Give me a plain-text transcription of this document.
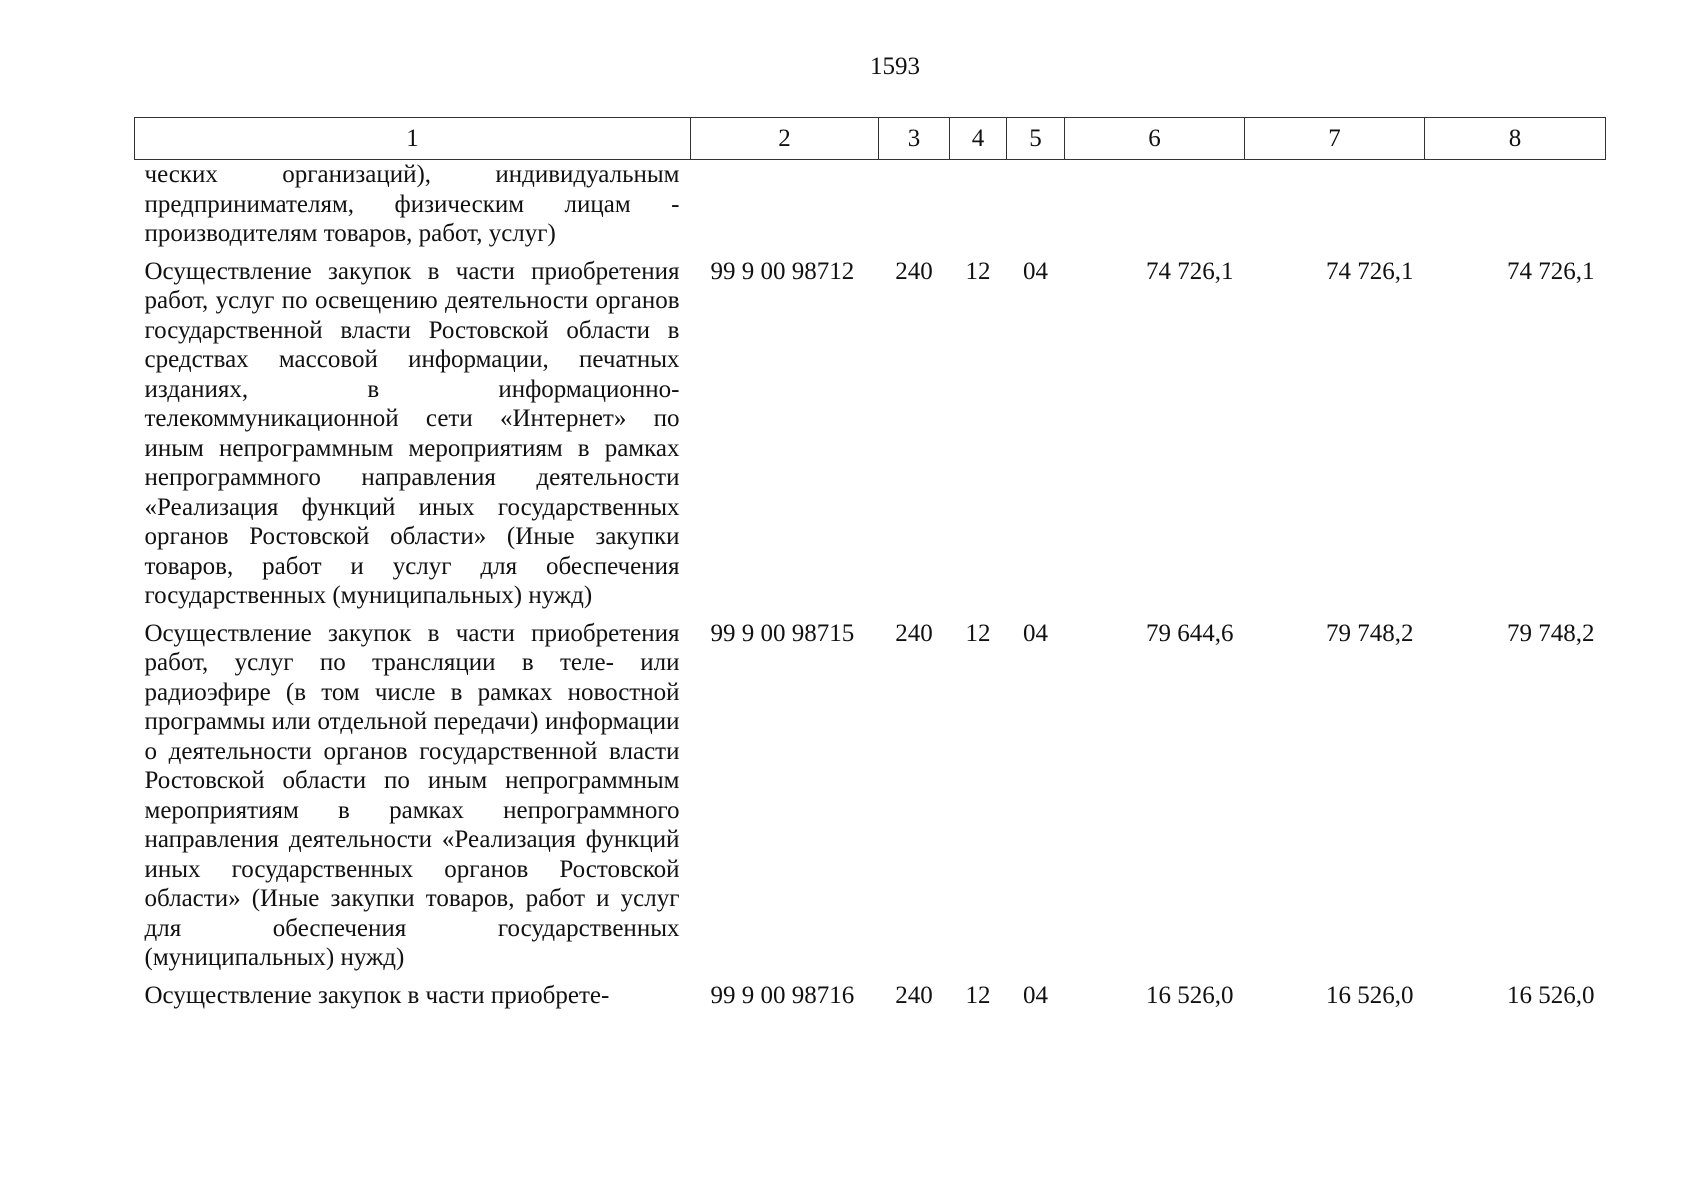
1593
1	2	3	4	5	6	7	8
ческих организаций), индивидуальным предпринимателям, физическим лицам - производителям товаров, работ, услуг)							
Осуществление закупок в части приобретения работ, услуг по освещению деятельности органов государственной власти Ростовской области в средствах массовой информации, печатных изданиях, в информационно-телекоммуникационной сети «Интернет» по иным непрограммным мероприятиям в рамках непрограммного направления деятельности «Реализация функций иных государственных органов Ростовской области» (Иные закупки товаров, работ и услуг для обеспечения государственных (муниципальных) нужд)	99 9 00 98712	240	12	04	74 726,1	74 726,1	74 726,1
Осуществление закупок в части приобретения работ, услуг по трансляции в теле- или радиоэфире (в том числе в рамках новостной программы или отдельной передачи) информации о деятельности органов государственной власти Ростовской области по иным непрограммным мероприятиям в рамках непрограммного направления деятельности «Реализация функций иных государственных органов Ростовской области» (Иные закупки товаров, работ и услуг для обеспечения государственных (муниципальных) нужд)	99 9 00 98715	240	12	04	79 644,6	79 748,2	79 748,2
Осуществление закупок в части приобрете-	99 9 00 98716	240	12	04	16 526,0	16 526,0	16 526,0
